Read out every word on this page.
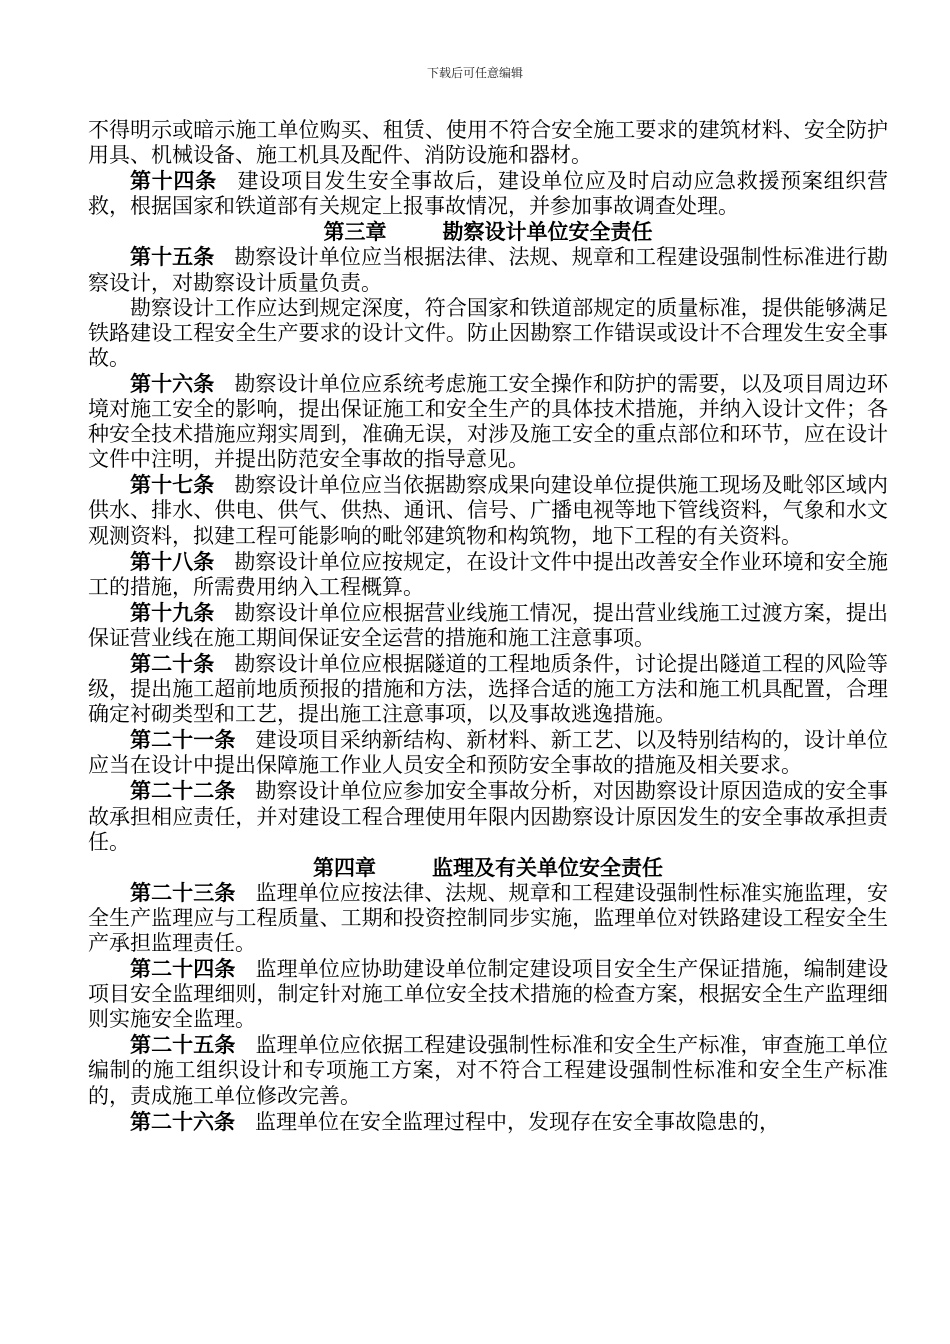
下载后可任意编辑

不得明示或暗示施工单位购买、租赁、使用不符合安全施工要求的建筑材料、安全防护用具、机械设备、施工机具及配件、消防设施和器材。

第十四条 建设项目发生安全事故后，建设单位应及时启动应急救援预案组织营救，根据国家和铁道部有关规定上报事故情况，并参加事故调查处理。

第三章	勘察设计单位安全责任

第十五条 勘察设计单位应当根据法律、法规、规章和工程建设强制性标准进行勘察设计，对勘察设计质量负责。

勘察设计工作应达到规定深度，符合国家和铁道部规定的质量标准，提供能够满足铁路建设工程安全生产要求的设计文件。防止因勘察工作错误或设计不合理发生安全事故。

第十六条 勘察设计单位应系统考虑施工安全操作和防护的需要，以及项目周边环境对施工安全的影响，提出保证施工和安全生产的具体技术措施，并纳入设计文件；各种安全技术措施应翔实周到，准确无误，对涉及施工安全的重点部位和环节，应在设计文件中注明，并提出防范安全事故的指导意见。

第十七条 勘察设计单位应当依据勘察成果向建设单位提供施工现场及毗邻区域内供水、排水、供电、供气、供热、通讯、信号、广播电视等地下管线资料，气象和水文观测资料，拟建工程可能影响的毗邻建筑物和构筑物，地下工程的有关资料。

第十八条 勘察设计单位应按规定，在设计文件中提出改善安全作业环境和安全施工的措施，所需费用纳入工程概算。

第十九条 勘察设计单位应根据营业线施工情况，提出营业线施工过渡方案，提出保证营业线在施工期间保证安全运营的措施和施工注意事项。

第二十条 勘察设计单位应根据隧道的工程地质条件，讨论提出隧道工程的风险等级，提出施工超前地质预报的措施和方法，选择合适的施工方法和施工机具配置，合理确定衬砌类型和工艺，提出施工注意事项，以及事故逃逸措施。

第二十一条 建设项目采纳新结构、新材料、新工艺、以及特别结构的，设计单位应当在设计中提出保障施工作业人员安全和预防安全事故的措施及相关要求。

第二十二条 勘察设计单位应参加安全事故分析，对因勘察设计原因造成的安全事故承担相应责任，并对建设工程合理使用年限内因勘察设计原因发生的安全事故承担责任。

第四章	监理及有关单位安全责任

第二十三条 监理单位应按法律、法规、规章和工程建设强制性标准实施监理，安全生产监理应与工程质量、工期和投资控制同步实施，监理单位对铁路建设工程安全生产承担监理责任。

第二十四条 监理单位应协助建设单位制定建设项目安全生产保证措施，编制建设项目安全监理细则，制定针对施工单位安全技术措施的检查方案，根据安全生产监理细则实施安全监理。

第二十五条 监理单位应依据工程建设强制性标准和安全生产标准，审查施工单位编制的施工组织设计和专项施工方案，对不符合工程建设强制性标准和安全生产标准的，责成施工单位修改完善。

第二十六条 监理单位在安全监理过程中，发现存在安全事故隐患的，
